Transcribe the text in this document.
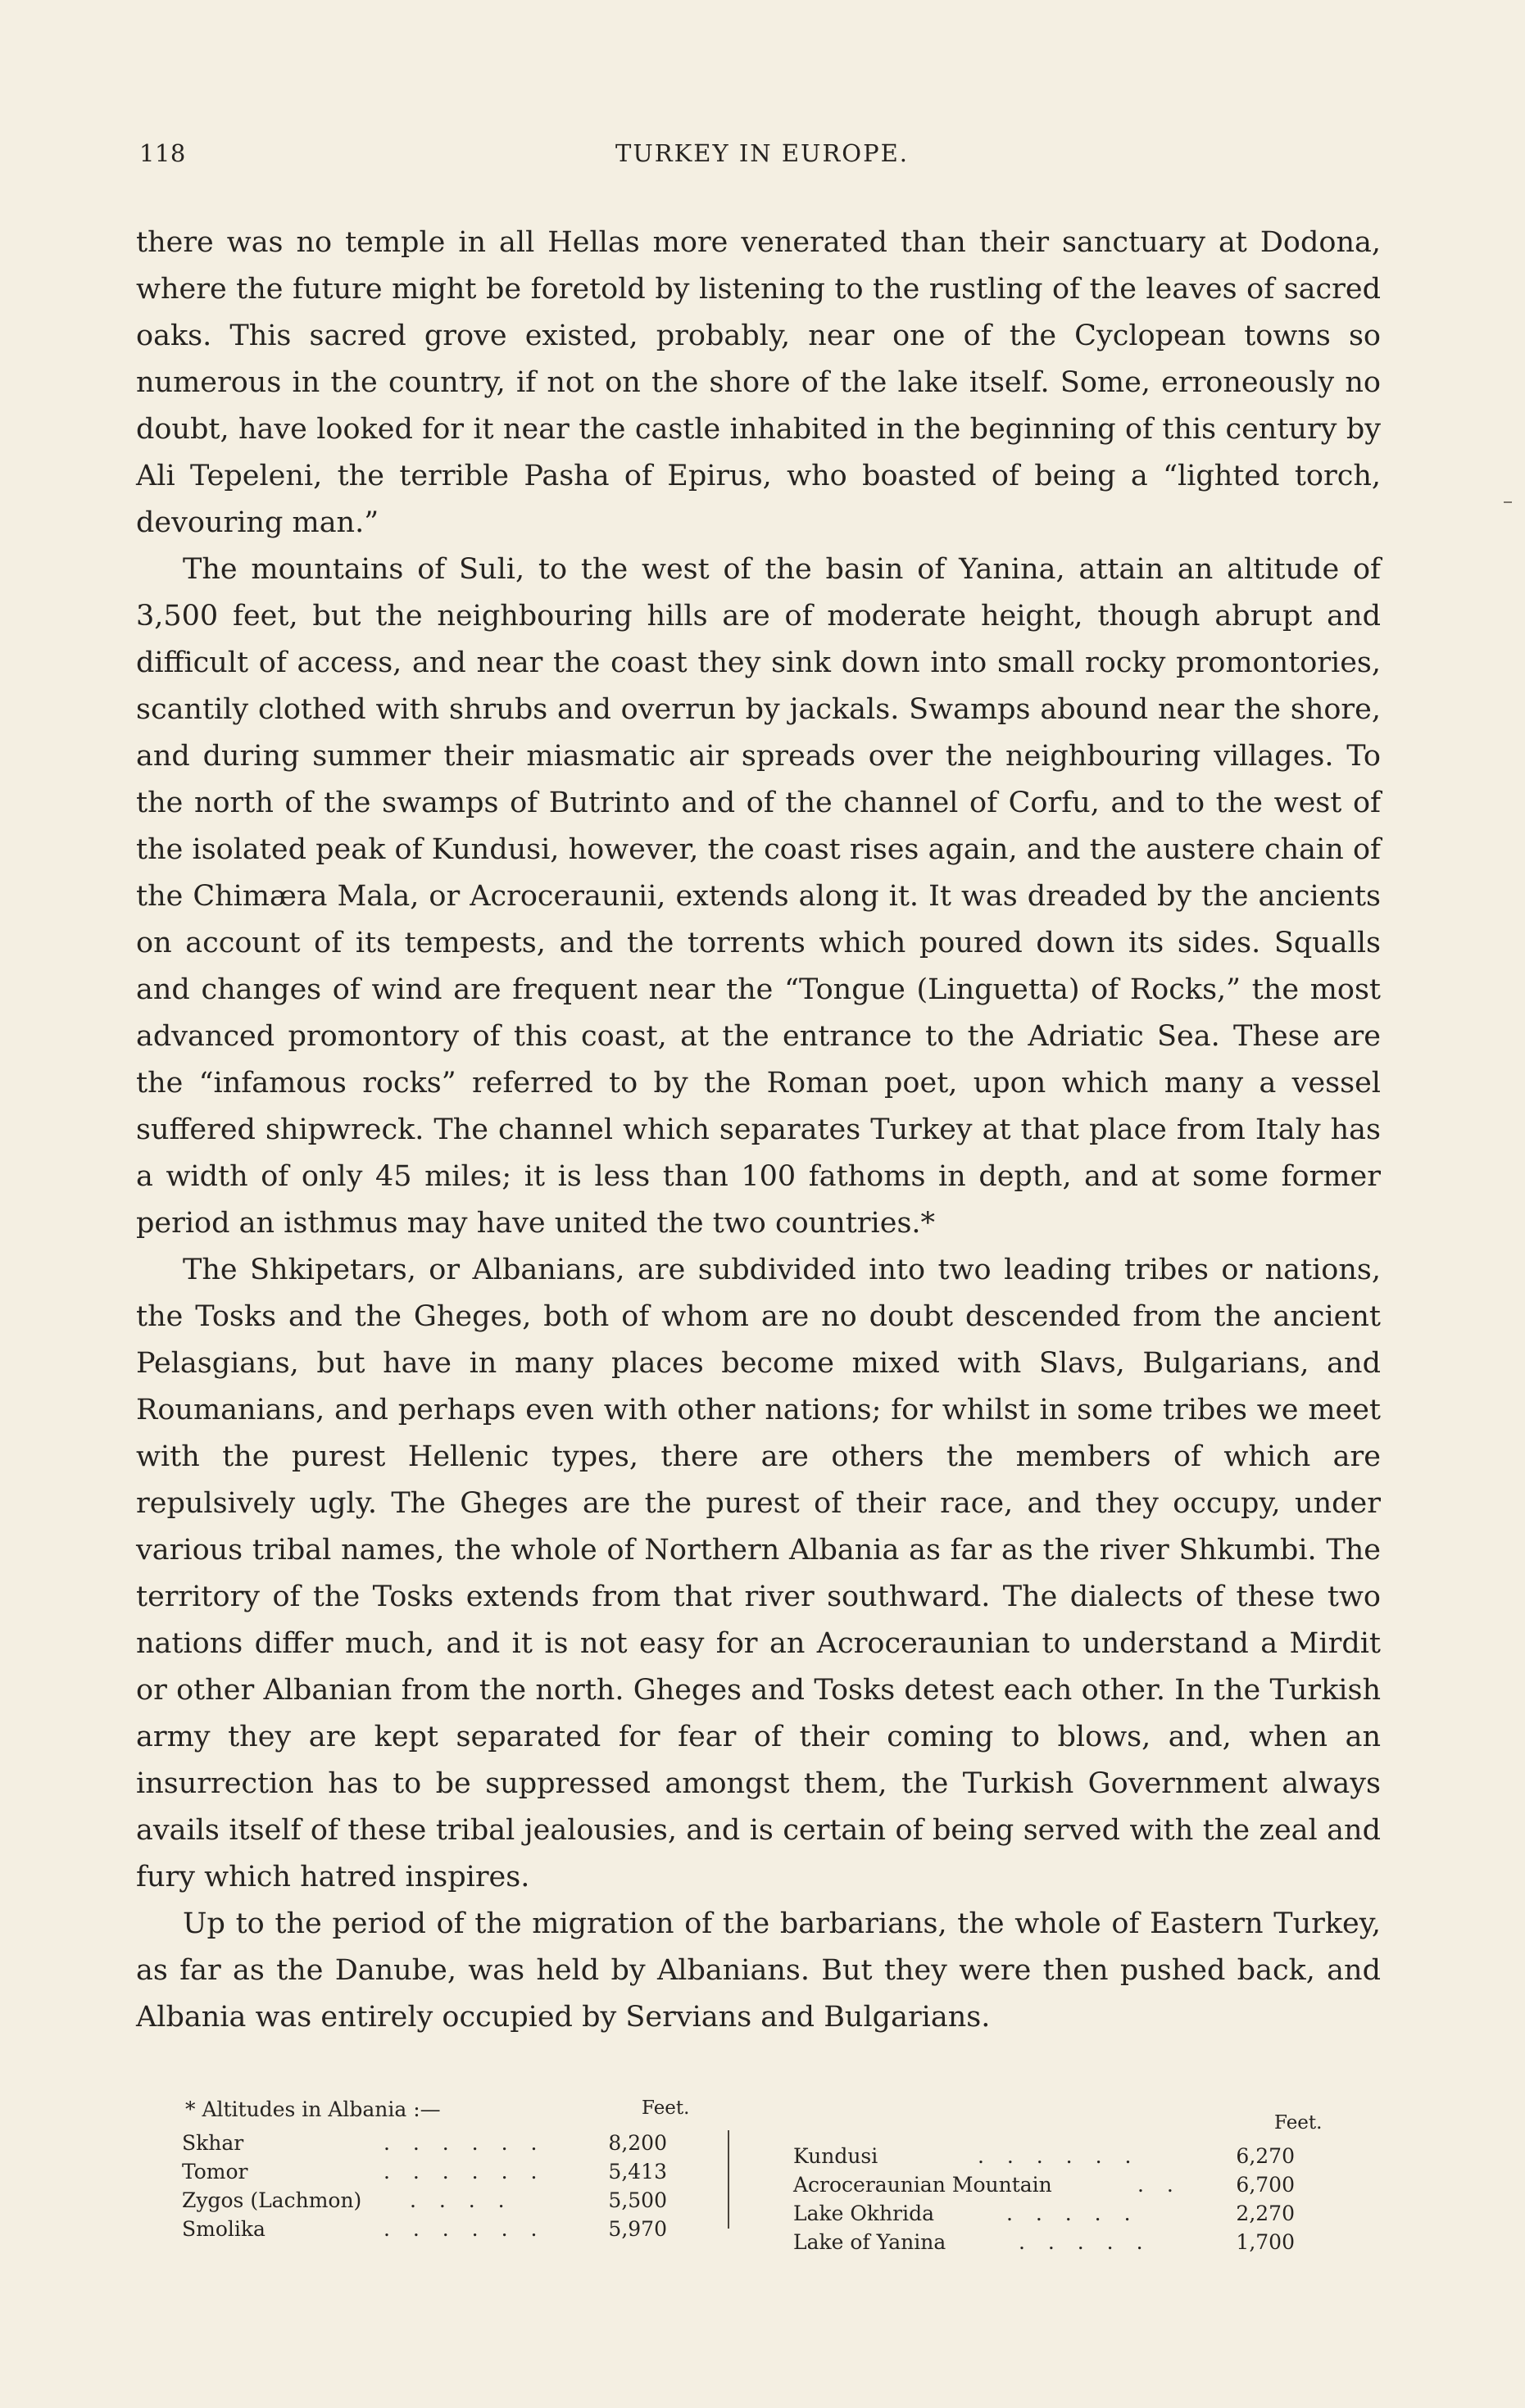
118	TURKEY IN EUROPE.

there was no temple in all Hellas more venerated than their sanctuary at Dodona, where the future might be foretold by listening to the rustling of the leaves of sacred oaks. This sacred grove existed, probably, near one of the Cyclopean towns so numerous in the country, if not on the shore of the lake itself. Some, erroneously no doubt, have looked for it near the castle inhabited in the beginning of this century by Ali Tepeleni, the terrible Pasha of Epirus, who boasted of being a “lighted torch, devouring man.”

The mountains of Suli, to the west of the basin of Yanina, attain an altitude of 3,500 feet, but the neighbouring hills are of moderate height, though abrupt and difficult of access, and near the coast they sink down into small rocky promontories, scantily clothed with shrubs and overrun by jackals. Swamps abound near the shore, and during summer their miasmatic air spreads over the neighbouring villages. To the north of the swamps of Butrinto and of the channel of Corfu, and to the west of the isolated peak of Kundusi, however, the coast rises again, and the austere chain of the Chimæra Mala, or Acroceraunii, extends along it. It was dreaded by the ancients on account of its tempests, and the torrents which poured down its sides. Squalls and changes of wind are frequent near the “Tongue (Linguetta) of Rocks,” the most advanced promontory of this coast, at the entrance to the Adriatic Sea. These are the “infamous rocks” referred to by the Roman poet, upon which many a vessel suffered shipwreck. The channel which separates Turkey at that place from Italy has a width of only 45 miles; it is less than 100 fathoms in depth, and at some former period an isthmus may have united the two countries.*

The Shkipetars, or Albanians, are subdivided into two leading tribes or nations, the Tosks and the Gheges, both of whom are no doubt descended from the ancient Pelasgians, but have in many places become mixed with Slavs, Bulgarians, and Roumanians, and perhaps even with other nations; for whilst in some tribes we meet with the purest Hellenic types, there are others the members of which are repulsively ugly. The Gheges are the purest of their race, and they occupy, under various tribal names, the whole of Northern Albania as far as the river Shkumbi. The territory of the Tosks extends from that river southward. The dialects of these two nations differ much, and it is not easy for an Acroceraunian to understand a Mirdit or other Albanian from the north. Gheges and Tosks detest each other. In the Turkish army they are kept separated for fear of their coming to blows, and, when an insurrection has to be suppressed amongst them, the Turkish Government always avails itself of these tribal jealousies, and is certain of being served with the zeal and fury which hatred inspires.

Up to the period of the migration of the barbarians, the whole of Eastern Turkey, as far as the Danube, was held by Albanians. But they were then pushed back, and Albania was entirely occupied by Servians and Bulgarians.

* Altitudes in Albania :—	Feet.
Feet.
Skhar	. . . . . .	8,200
Tomor	. . . . . .	5,413
Zygos (Lachmon) . . . .	5,500
Smolika	. . . . . .	5,970
Kundusi	. . . . . .	6,270
Acroceraunian Mountain	. .	6,700
Lake Okhrida	. . . . .	2,270
Lake of Yanina	. . . . .	1,700
